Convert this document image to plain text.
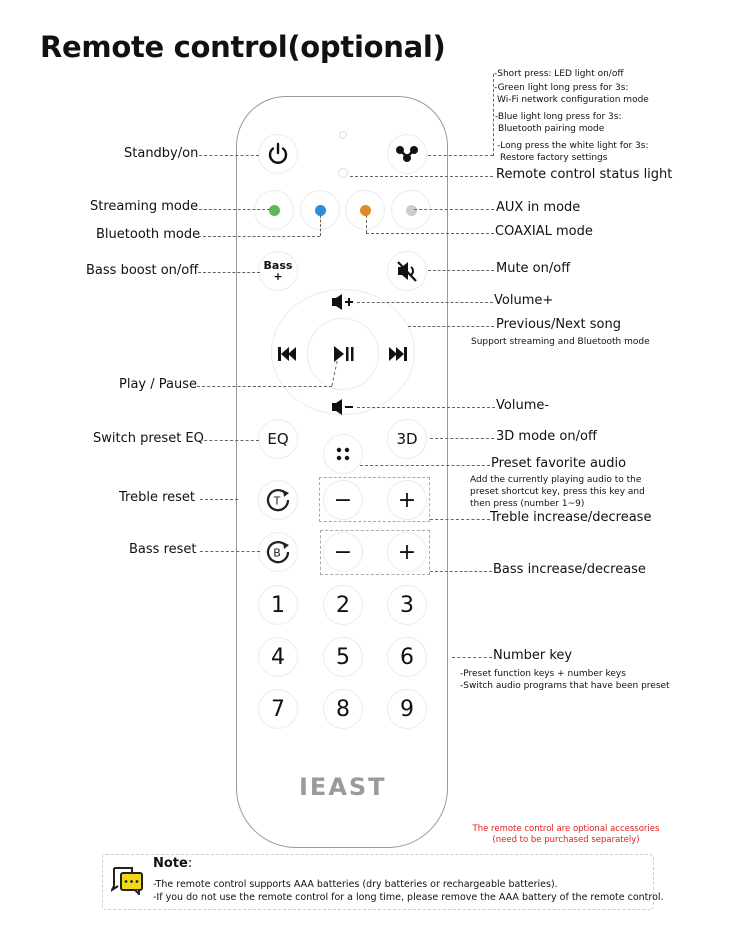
Remote control(optional)
Bass
+
EQ	3D
T − +
B − +
1 2 3
4 5 6
7 8 9
IEAST
Standby/on
Streaming mode
Bluetooth mode
Bass boost on/off
Play / Pause
Switch preset EQ
Treble reset
Bass reset
-Short press: LED light on/off
-Green light long press for 3s:
Wi-Fi network configuration mode
-Blue light long press for 3s:
Bluetooth pairing mode
-Long press the white light for 3s:
Restore factory settings
Remote control status light
AUX in mode
COAXIAL mode
Mute on/off
Volume+
Previous/Next song
Support streaming and Bluetooth mode
Volume-
3D mode on/off
Preset favorite audio
Add the currently playing audio to the
preset shortcut key, press this key and
then press (number 1~9)
Treble increase/decrease
Bass increase/decrease
Number key
-Preset function keys + number keys
-Switch audio programs that have been preset
The remote control are optional accessories
(need to be purchased separately)
Note:
-The remote control supports AAA batteries (dry batteries or rechargeable batteries).
-If you do not use the remote control for a long time, please remove the AAA battery of the remote control.
